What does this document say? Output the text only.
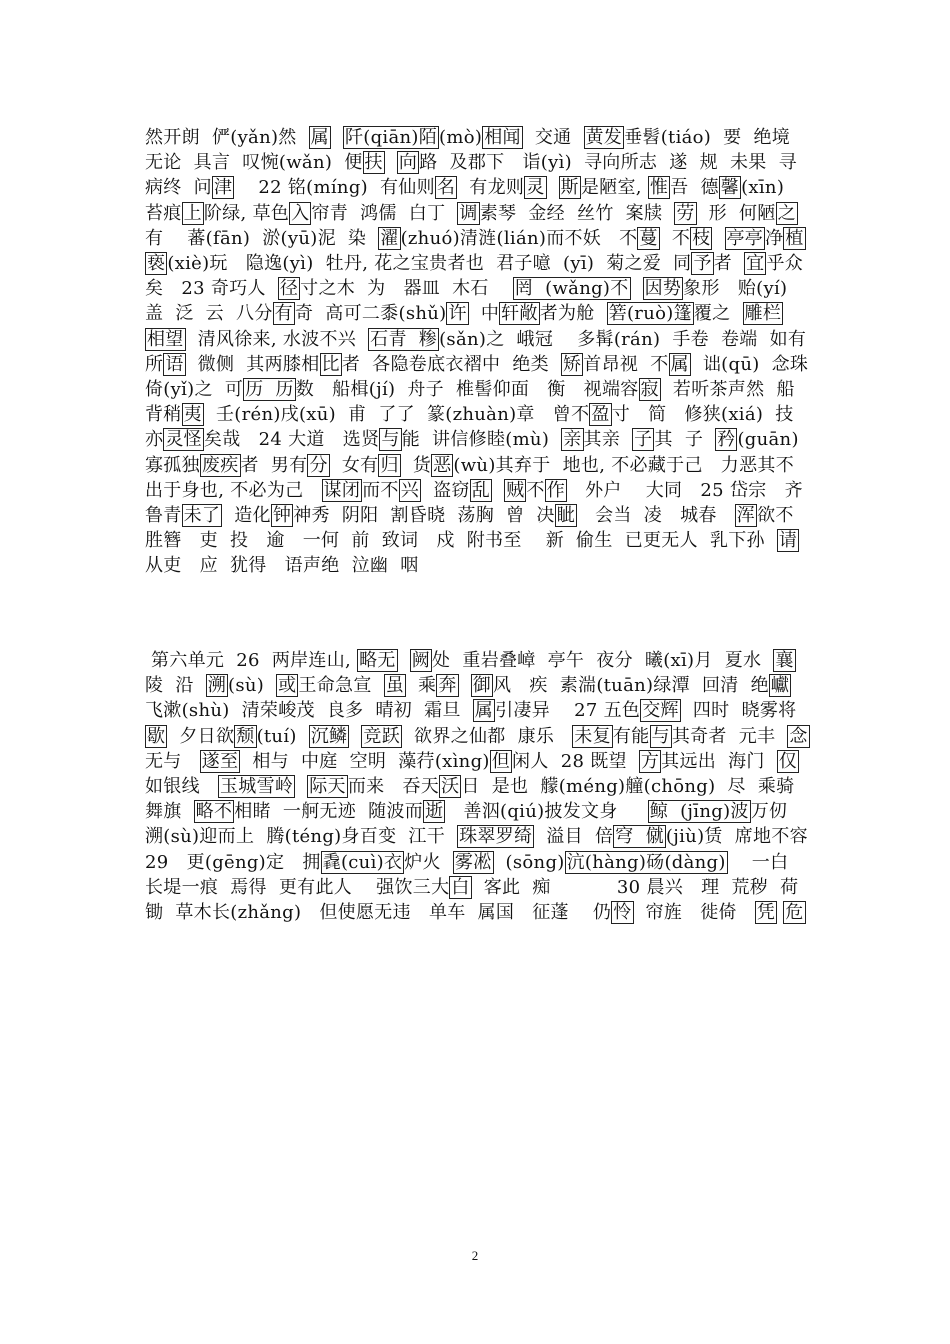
然开朗  俨(yǎn)然  属 阡(qiān)陌 (mò) 相闻  交通  黄发 垂髫(tiáo)  要  绝境   无论  具言  叹惋(wǎn)  便 扶 向 路  及郡下   诣(yì)  寻向所志  遂  规  未果  寻病终  问 津    22 铭(míng)  有仙则 名  有龙则 灵 斯 是陋室, 惟 吾  德 馨 (xīn)  苔痕 上 阶绿, 草色 入 帘青  鸿儒  白丁  调 素琴  金经  丝竹  案牍  劳  形  何陋 之有    蕃(fān)  淤(yū)泥  染  濯 (zhuó)清涟(lián)而不妖   不 蔓  不 枝 亭亭 净 植  亵 (xiè)玩   隐逸(yì)  牡丹, 花之宝贵者也  君子噫  (yī)  菊之爱  同 予 者  宜 乎众矣   23 奇巧人  径 寸之木  为   器皿  木石    罔  (wǎng)不 因势 象形   贻(yí)   盖  泛  云  八分 有 奇  高可二黍(shǔ) 许  中 轩敞 者为舱  箬(ruò)篷 覆之  雕栏  相望  清风徐来, 水波不兴  石青  糁 (sǎn)之  峨冠    多髯(rán)  手卷  卷端  如有所 语  微侧  其两膝相 比 者  各隐卷底衣褶中  绝类  矫 首昂视  不 属  诎(qū)  念珠   倚(yǐ)之  可 历  历 数   船楫(jí)  舟子  椎髻仰面   衡   视端容 寂  若听茶声然  船背稍 夷  壬(rén)戌(xū)  甫  了了  篆(zhuàn)章   曾不 盈 寸   简   修狭(xiá)  技  亦 灵怪 矣哉   24 大道   选贤 与 能  讲信修睦(mù)  亲 其亲  子 其  子  矜 (guān)寡孤独 废疾 者  男有 分  女有 归  货 恶 (wù)其弃于  地也, 不必藏于己   力恶其不出于身也, 不必为己   谋闭 而不 兴  盗窃 乱 贼 不 作   外户    大同   25 岱宗   齐鲁青 未了  造化 钟 神秀  阴阳  割昏晓  荡胸  曾  决 眦   会当  凌   城春   浑 欲不胜簪   吏  投   逾   一何  前  致词   戍  附书至    新  偷生  已更无人  乳下孙  请从吏   应  犹得   语声绝  泣幽  咽
第六单元  26  两岸连山, 略无 阙 处  重岩叠嶂  亭午  夜分  曦(xī)月  夏水  襄陵  沿  溯 (sù)  或 王命急宣  虽  乘 奔 御 风   疾  素湍(tuān)绿潭  回清  绝 巘  飞漱(shù)  清荣峻茂  良多  晴初  霜旦  属 引凄异    27 五色 交辉  四时  晓雾将歇  夕日欲 颓 (tuí)  沉鳞 竞跃  欲界之仙都  康乐   未复 有能 与 其奇者  元丰  念无与   遂至  相与  中庭  空明  藻荇(xìng) 但 闲人  28 既望  方 其远出  海门  仅如银线   玉城雪岭 际天 而来   吞天 沃 日  是也  艨(méng)艟(chōng)  尽  乘骑舞旗  略不 相睹  一舸无迹  随波而 逝   善泅(qiú)披发文身     鲸  (jīng)波 万仞  溯(sù)迎而上  腾(téng)身百变  江干  珠翠罗绮  溢目  倍 穹  僦 (jiù)赁  席地不容     29   更(gēng)定   拥 毳(cuì)衣 炉火  雾凇  (sōng) 沆(hàng)砀(dàng)    一白  长堤一痕  焉得  更有此人    强饮三大 白  客此  痴           30 晨兴   理  荒秽  荷锄  草木长(zhǎng)   但使愿无违   单车  属国   征蓬    仍 怜  帘旌   徙倚   凭 危
2
